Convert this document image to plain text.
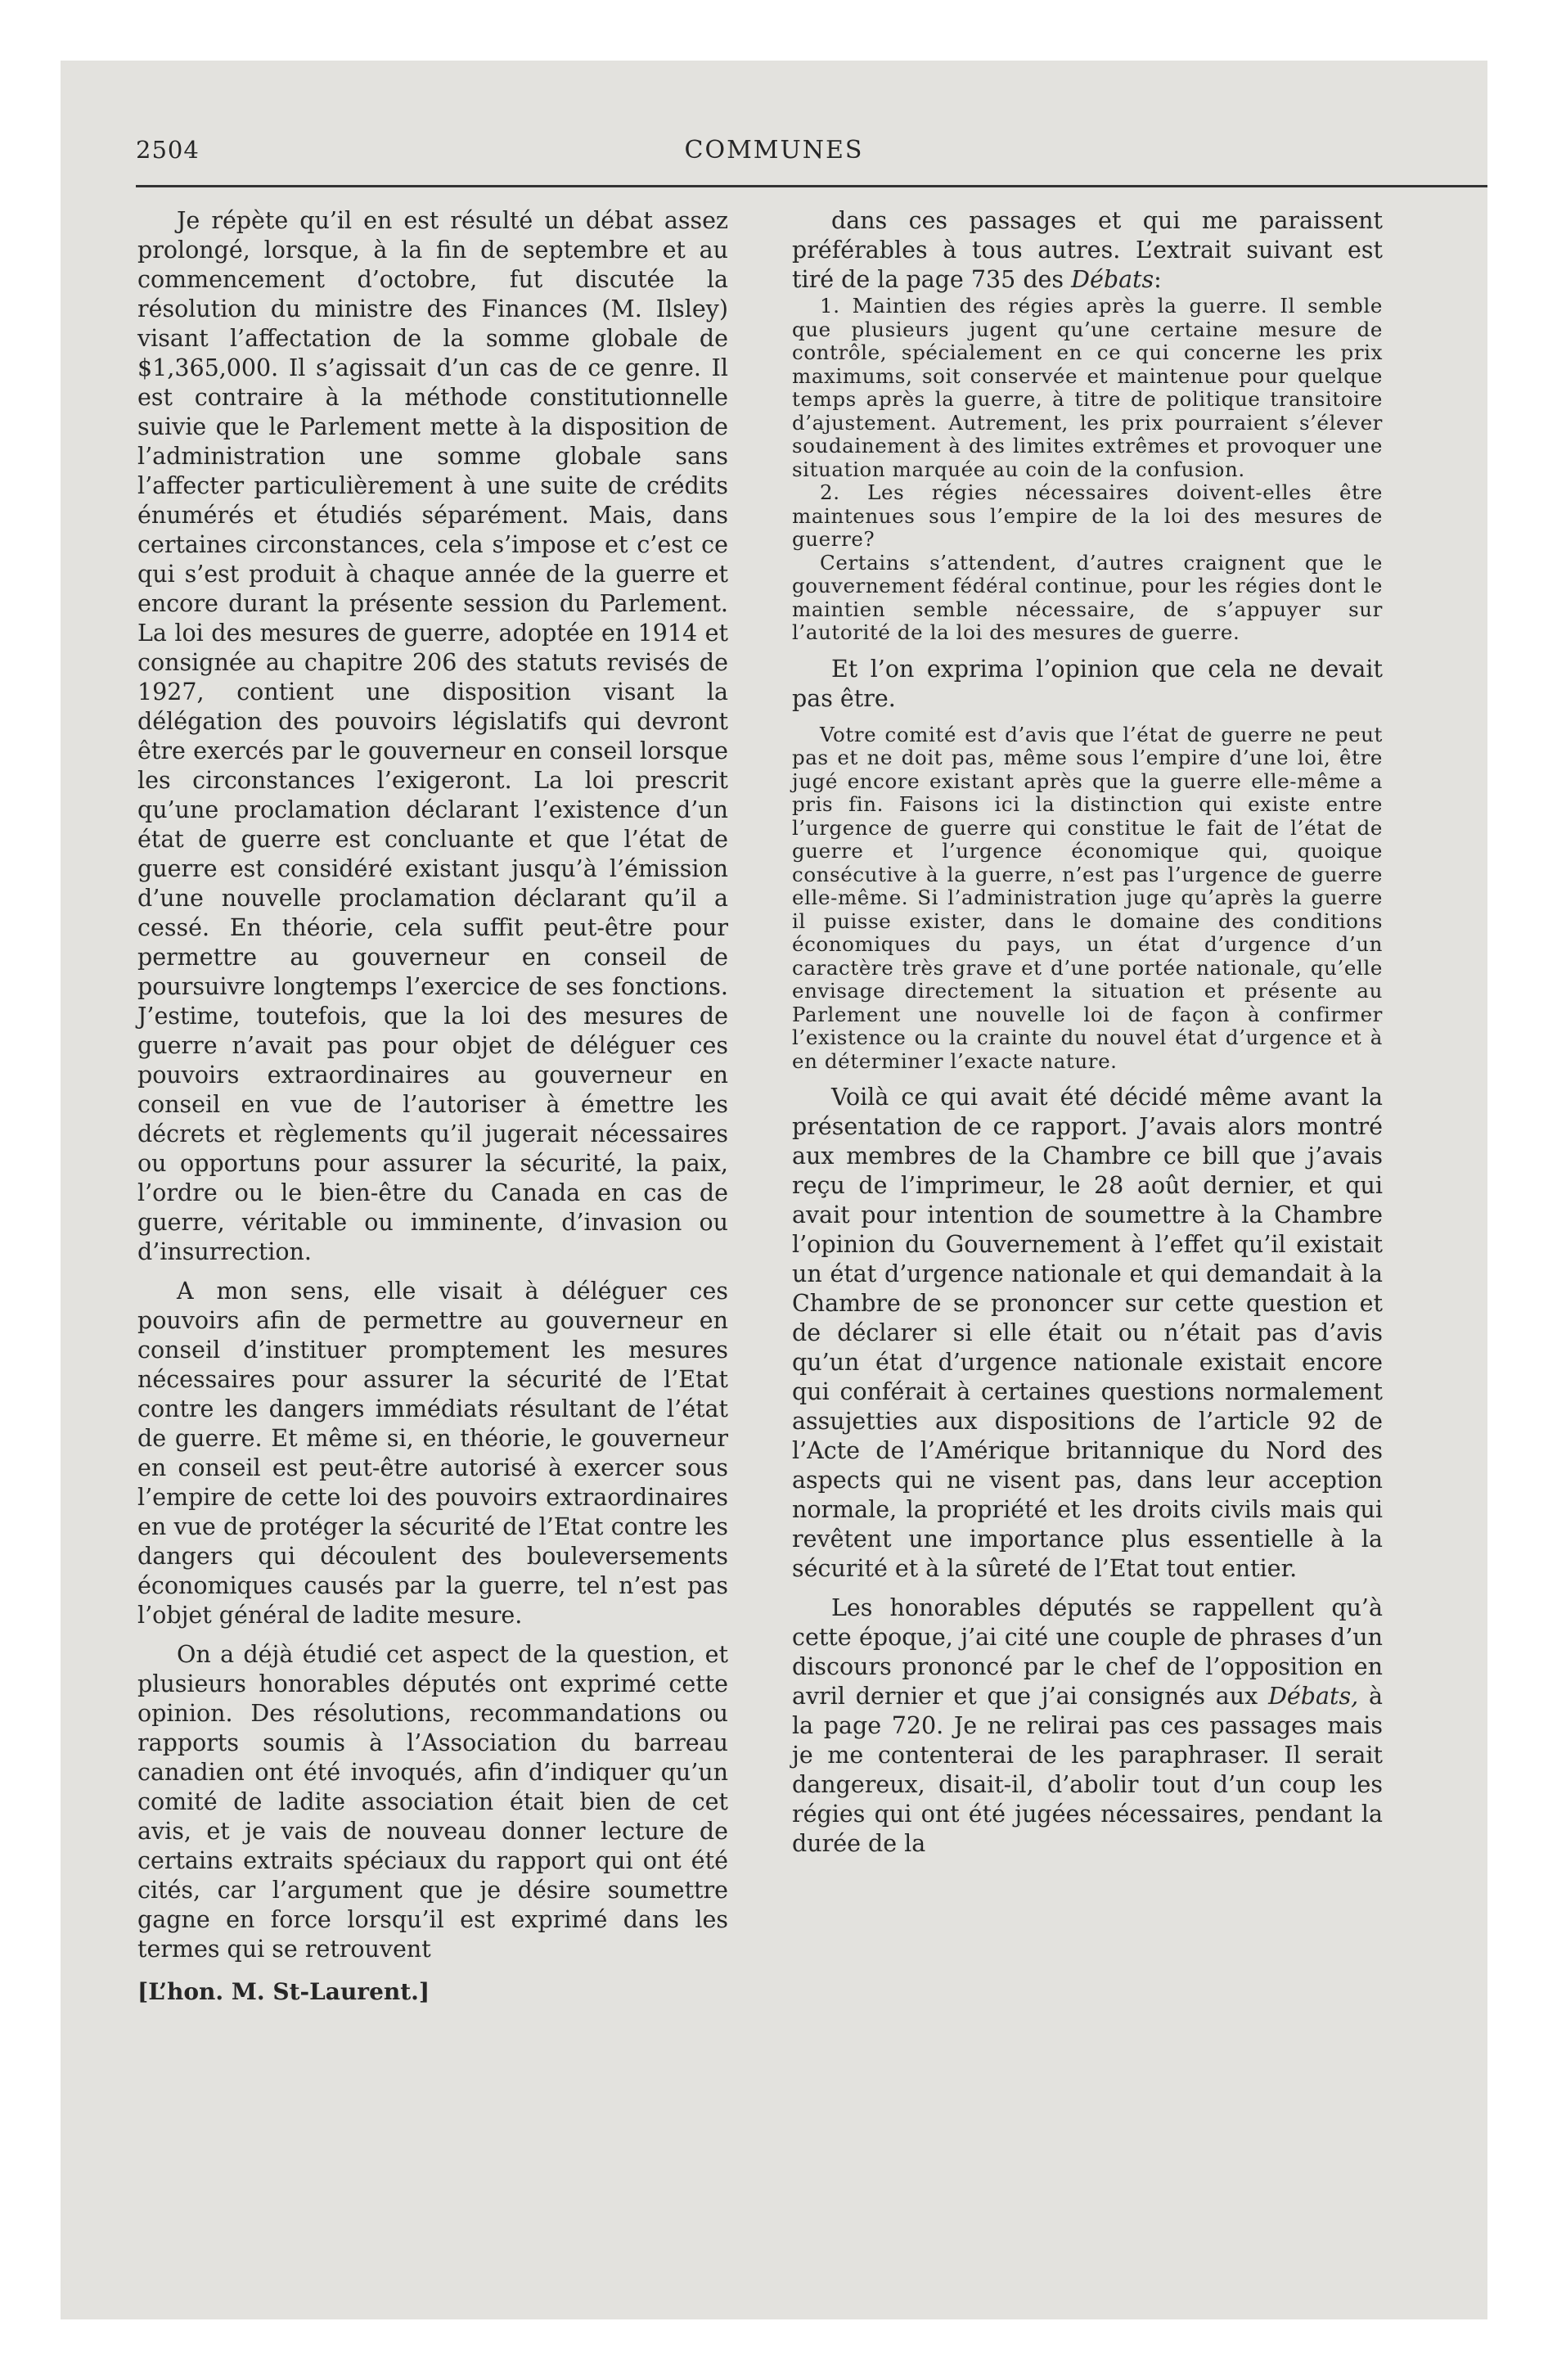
2504	COMMUNES

Je répète qu’il en est résulté un débat assez prolongé, lorsque, à la fin de septembre et au commencement d’octobre, fut discutée la résolution du ministre des Finances (M. Ilsley) visant l’affectation de la somme globale de $1,365,000. Il s’agissait d’un cas de ce genre. Il est contraire à la méthode constitutionnelle suivie que le Parlement mette à la disposition de l’administration une somme globale sans l’affecter particulièrement à une suite de crédits énumérés et étudiés séparément. Mais, dans certaines circonstances, cela s’impose et c’est ce qui s’est produit à chaque année de la guerre et encore durant la présente session du Parlement. La loi des mesures de guerre, adoptée en 1914 et consignée au chapitre 206 des statuts revisés de 1927, contient une disposition visant la délégation des pouvoirs législatifs qui devront être exercés par le gouverneur en conseil lorsque les circonstances l’exigeront. La loi prescrit qu’une proclamation déclarant l’existence d’un état de guerre est concluante et que l’état de guerre est considéré existant jusqu’à l’émission d’une nouvelle proclamation déclarant qu’il a cessé. En théorie, cela suffit peut-être pour permettre au gouverneur en conseil de poursuivre longtemps l’exercice de ses fonctions. J’estime, toutefois, que la loi des mesures de guerre n’avait pas pour objet de déléguer ces pouvoirs extraordinaires au gouverneur en conseil en vue de l’autoriser à émettre les décrets et règlements qu’il jugerait nécessaires ou opportuns pour assurer la sécurité, la paix, l’ordre ou le bien-être du Canada en cas de guerre, véritable ou imminente, d’invasion ou d’insurrection.

A mon sens, elle visait à déléguer ces pouvoirs afin de permettre au gouverneur en conseil d’instituer promptement les mesures nécessaires pour assurer la sécurité de l’Etat contre les dangers immédiats résultant de l’état de guerre. Et même si, en théorie, le gouverneur en conseil est peut-être autorisé à exercer sous l’empire de cette loi des pouvoirs extraordinaires en vue de protéger la sécurité de l’Etat contre les dangers qui découlent des bouleversements économiques causés par la guerre, tel n’est pas l’objet général de ladite mesure.

On a déjà étudié cet aspect de la question, et plusieurs honorables députés ont exprimé cette opinion. Des résolutions, recommandations ou rapports soumis à l’Association du barreau canadien ont été invoqués, afin d’indiquer qu’un comité de ladite association était bien de cet avis, et je vais de nouveau donner lecture de certains extraits spéciaux du rapport qui ont été cités, car l’argument que je désire soumettre gagne en force lorsqu’il est exprimé dans les termes qui se retrouvent

[L’hon. M. St-Laurent.]

dans ces passages et qui me paraissent préférables à tous autres. L’extrait suivant est tiré de la page 735 des Débats:

1. Maintien des régies après la guerre. Il semble que plusieurs jugent qu’une certaine mesure de contrôle, spécialement en ce qui concerne les prix maximums, soit conservée et maintenue pour quelque temps après la guerre, à titre de politique transitoire d’ajustement. Autrement, les prix pourraient s’élever soudainement à des limites extrêmes et provoquer une situation marquée au coin de la confusion.

2. Les régies nécessaires doivent-elles être maintenues sous l’empire de la loi des mesures de guerre?

Certains s’attendent, d’autres craignent que le gouvernement fédéral continue, pour les régies dont le maintien semble nécessaire, de s’appuyer sur l’autorité de la loi des mesures de guerre.

Et l’on exprima l’opinion que cela ne devait pas être.

Votre comité est d’avis que l’état de guerre ne peut pas et ne doit pas, même sous l’empire d’une loi, être jugé encore existant après que la guerre elle-même a pris fin. Faisons ici la distinction qui existe entre l’urgence de guerre qui constitue le fait de l’état de guerre et l’urgence économique qui, quoique consécutive à la guerre, n’est pas l’urgence de guerre elle-même. Si l’administration juge qu’après la guerre il puisse exister, dans le domaine des conditions économiques du pays, un état d’urgence d’un caractère très grave et d’une portée nationale, qu’elle envisage directement la situation et présente au Parlement une nouvelle loi de façon à confirmer l’existence ou la crainte du nouvel état d’urgence et à en déterminer l’exacte nature.

Voilà ce qui avait été décidé même avant la présentation de ce rapport. J’avais alors montré aux membres de la Chambre ce bill que j’avais reçu de l’imprimeur, le 28 août dernier, et qui avait pour intention de soumettre à la Chambre l’opinion du Gouvernement à l’effet qu’il existait un état d’urgence nationale et qui demandait à la Chambre de se prononcer sur cette question et de déclarer si elle était ou n’était pas d’avis qu’un état d’urgence nationale existait encore qui conférait à certaines questions normalement assujetties aux dispositions de l’article 92 de l’Acte de l’Amérique britannique du Nord des aspects qui ne visent pas, dans leur acception normale, la propriété et les droits civils mais qui revêtent une importance plus essentielle à la sécurité et à la sûreté de l’Etat tout entier.

Les honorables députés se rappellent qu’à cette époque, j’ai cité une couple de phrases d’un discours prononcé par le chef de l’opposition en avril dernier et que j’ai consignés aux Débats, à la page 720. Je ne relirai pas ces passages mais je me contenterai de les paraphraser. Il serait dangereux, disait-il, d’abolir tout d’un coup les régies qui ont été jugées nécessaires, pendant la durée de la
